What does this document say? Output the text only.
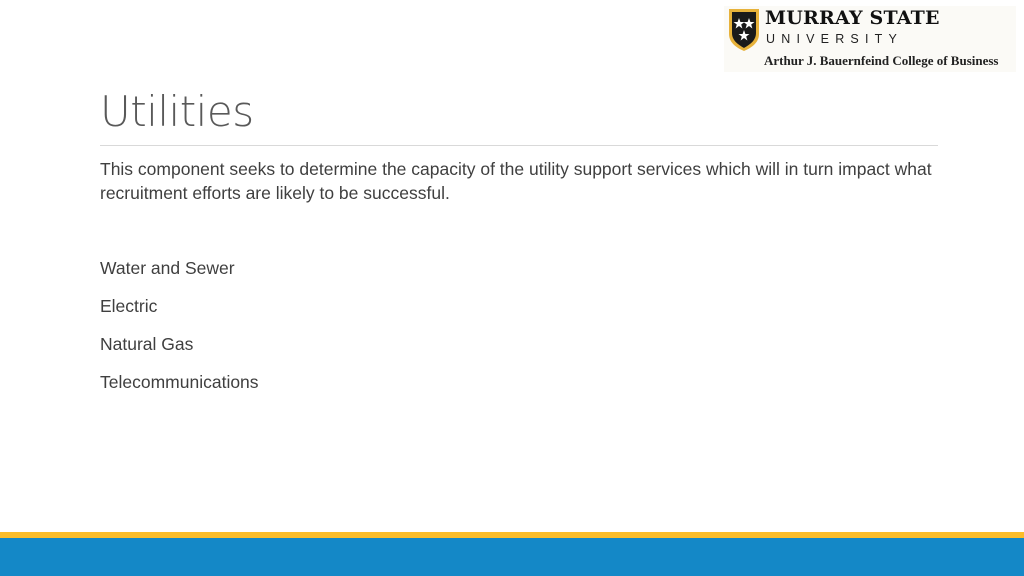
MURRAY STATE
UNIVERSITY
Arthur J. Bauernfeind College of Business
Utilities
This component seeks to determine the capacity of the utility support services which will in turn impact what recruitment efforts are likely to be successful.
Water and Sewer
Electric
Natural Gas
Telecommunications
